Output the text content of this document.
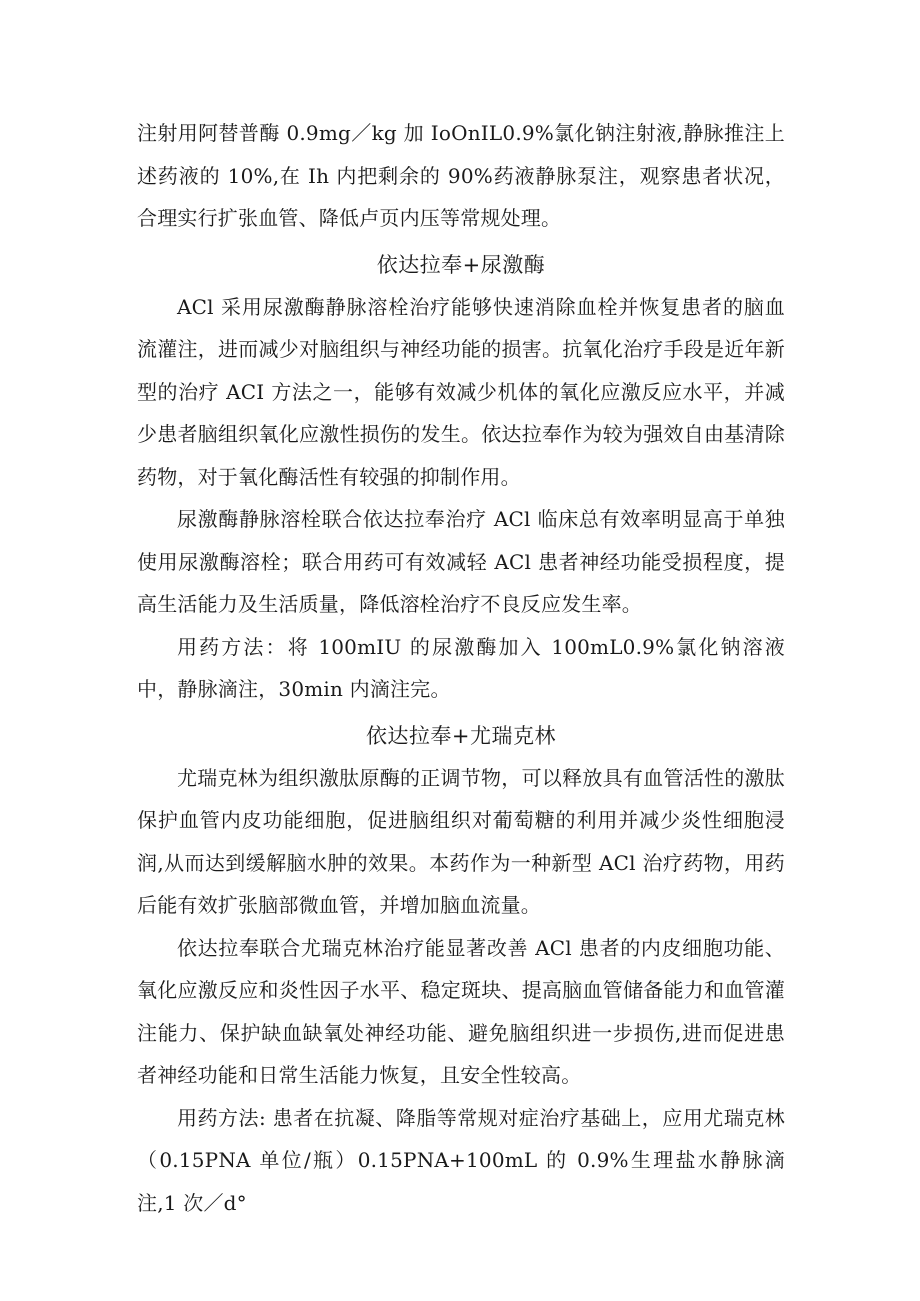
注射用阿替普酶 0.9mg／kg 加 IoOnIL0.9%氯化钠注射液,静脉推注上述药液的 10%,在 Ih 内把剩余的 90%药液静脉泵注，观察患者状况，合理实行扩张血管、降低卢页内压等常规处理。

依达拉奉+尿激酶

ACl 采用尿激酶静脉溶栓治疗能够快速消除血栓并恢复患者的脑血流灌注，进而减少对脑组织与神经功能的损害。抗氧化治疗手段是近年新型的治疗 ACI 方法之一，能够有效减少机体的氧化应激反应水平，并减少患者脑组织氧化应激性损伤的发生。依达拉奉作为较为强效自由基清除药物，对于氧化酶活性有较强的抑制作用。

尿激酶静脉溶栓联合依达拉奉治疗 ACl 临床总有效率明显高于单独使用尿激酶溶栓；联合用药可有效减轻 ACl 患者神经功能受损程度，提高生活能力及生活质量，降低溶栓治疗不良反应发生率。

用药方法：将 100mIU 的尿激酶加入 100mL0.9%氯化钠溶液中，静脉滴注，30min 内滴注完。

依达拉奉+尤瑞克林

尤瑞克林为组织激肽原酶的正调节物，可以释放具有血管活性的激肽保护血管内皮功能细胞，促进脑组织对葡萄糖的利用并减少炎性细胞浸润,从而达到缓解脑水肿的效果。本药作为一种新型 ACl 治疗药物，用药后能有效扩张脑部微血管，并增加脑血流量。

依达拉奉联合尤瑞克林治疗能显著改善 ACl 患者的内皮细胞功能、氧化应激反应和炎性因子水平、稳定斑块、提高脑血管储备能力和血管灌注能力、保护缺血缺氧处神经功能、避免脑组织进一步损伤,进而促进患者神经功能和日常生活能力恢复，且安全性较高。

用药方法: 患者在抗凝、降脂等常规对症治疗基础上，应用尤瑞克林（0.15PNA 单位/瓶）0.15PNA+100mL 的 0.9%生理盐水静脉滴注,1 次／d°
